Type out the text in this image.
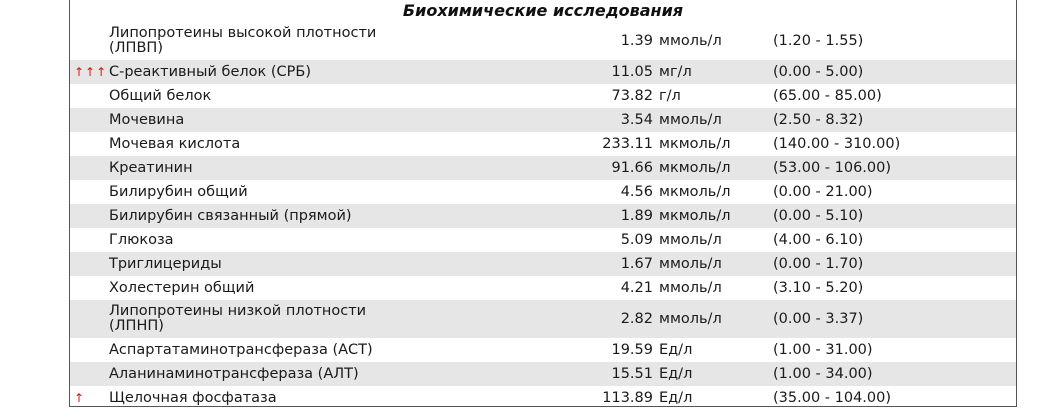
Биохимические исследования
Липопротеины высокой плотности (ЛПВП)	1.39 ммоль/л	(1.20 - 1.55)
↑↑↑ С-реактивный белок (СРБ)	11.05 мг/л	(0.00 - 5.00)
Общий белок	73.82 г/л	(65.00 - 85.00)
Мочевина	3.54 ммоль/л	(2.50 - 8.32)
Мочевая кислота	233.11 мкмоль/л	(140.00 - 310.00)
Креатинин	91.66 мкмоль/л	(53.00 - 106.00)
Билирубин общий	4.56 мкмоль/л	(0.00 - 21.00)
Билирубин связанный (прямой)	1.89 мкмоль/л	(0.00 - 5.10)
Глюкоза	5.09 ммоль/л	(4.00 - 6.10)
Триглицериды	1.67 ммоль/л	(0.00 - 1.70)
Холестерин общий	4.21 ммоль/л	(3.10 - 5.20)
Липопротеины низкой плотности (ЛПНП)	2.82 ммоль/л	(0.00 - 3.37)
Аспартатаминотрансфераза (АСТ)	19.59 Ед/л	(1.00 - 31.00)
Аланинаминотрансфераза (АЛТ)	15.51 Ед/л	(1.00 - 34.00)
↑	Щелочная фосфатаза	113.89 Ед/л	(35.00 - 104.00)
